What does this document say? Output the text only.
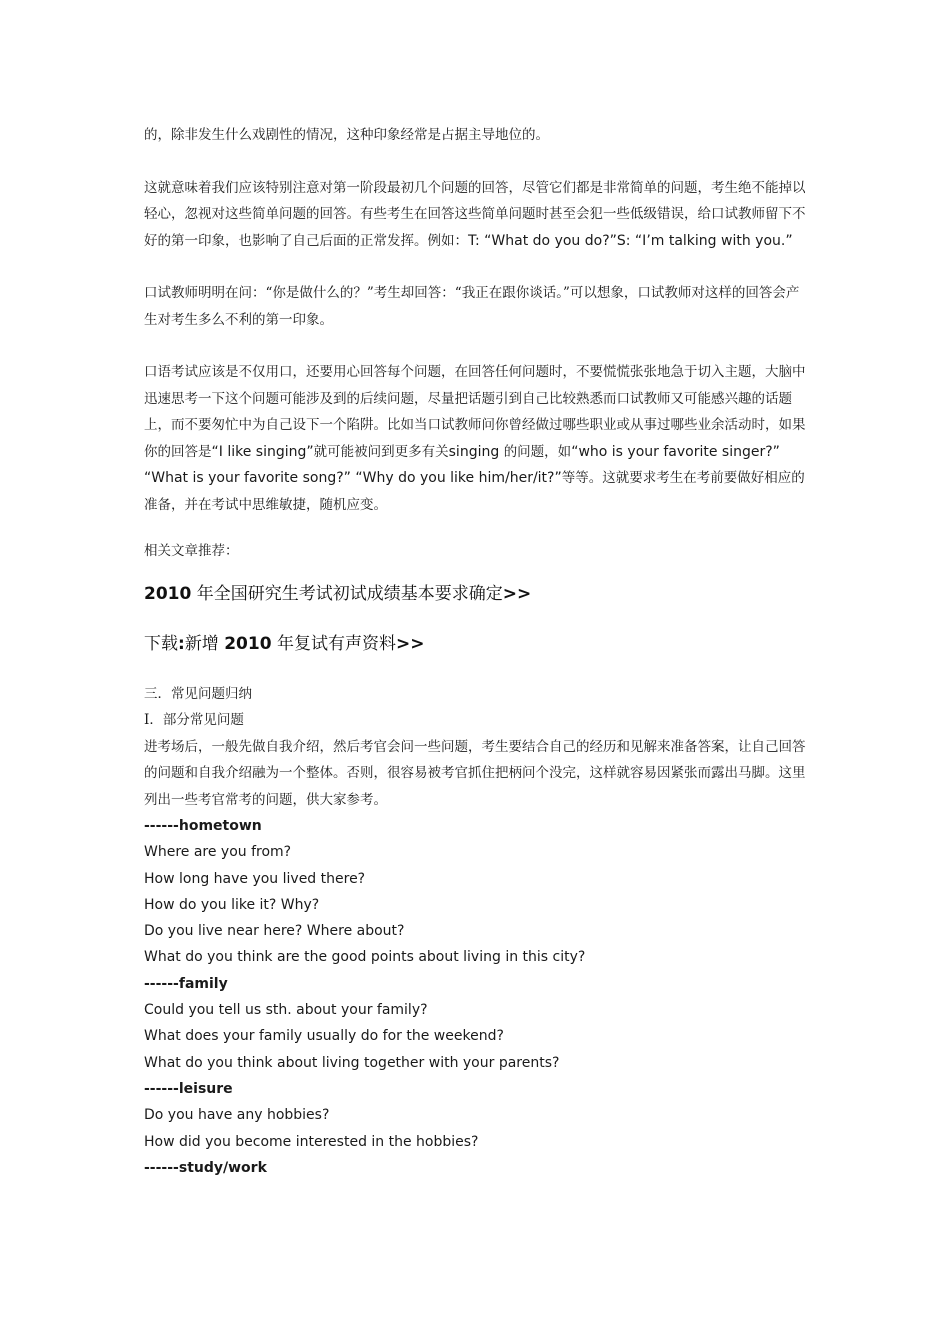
的，除非发生什么戏剧性的情况，这种印象经常是占据主导地位的。

这就意味着我们应该特别注意对第一阶段最初几个问题的回答，尽管它们都是非常简单的问题，考生绝不能掉以轻心，忽视对这些简单问题的回答。有些考生在回答这些简单问题时甚至会犯一些低级错误，给口试教师留下不好的第一印象，也影响了自己后面的正常发挥。例如：T: “What do you do?”S: “I’m talking with you.”

口试教师明明在问：“你是做什么的？”考生却回答：“我正在跟你谈话。”可以想象，口试教师对这样的回答会产生对考生多么不利的第一印象。

口语考试应该是不仅用口，还要用心回答每个问题，在回答任何问题时，不要慌慌张张地急于切入主题，大脑中迅速思考一下这个问题可能涉及到的后续问题，尽量把话题引到自己比较熟悉而口试教师又可能感兴趣的话题上，而不要匆忙中为自己设下一个陷阱。比如当口试教师问你曾经做过哪些职业或从事过哪些业余活动时，如果你的回答是“I like singing”就可能被问到更多有关singing 的问题，如“who is your favorite singer?” “What is your favorite song?” “Why do you like him/her/it?”等等。这就要求考生在考前要做好相应的准备，并在考试中思维敏捷，随机应变。

相关文章推荐：

2010 年全国研究生考试初试成绩基本要求确定>>

下载:新增 2010 年复试有声资料>>

三．常见问题归纳

Ⅰ．部分常见问题

进考场后，一般先做自我介绍，然后考官会问一些问题，考生要结合自己的经历和见解来准备答案，让自己回答的问题和自我介绍融为一个整体。否则，很容易被考官抓住把柄问个没完，这样就容易因紧张而露出马脚。这里列出一些考官常考的问题，供大家参考。

------hometown

Where are you from?

How long have you lived there?

How do you like it? Why?

Do you live near here? Where about?

What do you think are the good points about living in this city?

------family

Could you tell us sth. about your family?

What does your family usually do for the weekend?

What do you think about living together with your parents?

------leisure

Do you have any hobbies?

How did you become interested in the hobbies?

------study/work
